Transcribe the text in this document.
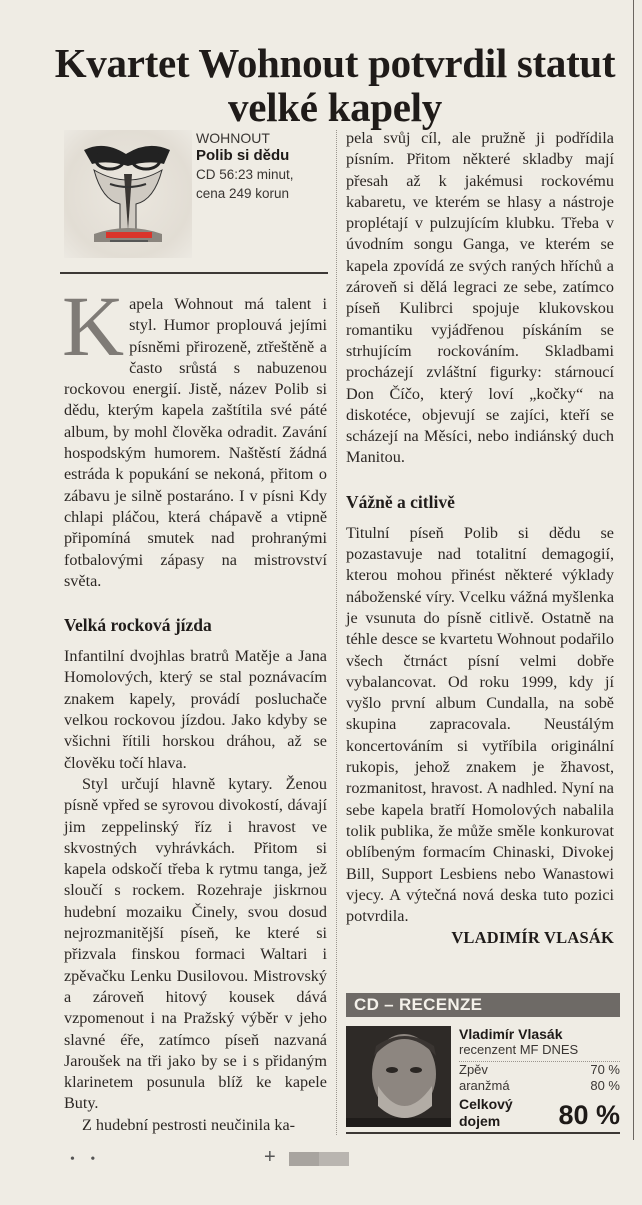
Kvartet Wohnout potvrdil statut velké kapely
WOHNOUT
Polib si dědu
CD 56:23 minut,
cena 249 korun

Kapela Wohnout má talent i styl. Humor proplouvá jejími písněmi přirozeně, ztřeštěně a často srůstá s nabuzenou rockovou energií. Jistě, název Polib si dědu, kterým kapela zaštítila své páté album, by mohl člověka odradit. Zavání hospodským humorem. Naštěstí žádná estráda k popukání se nekoná, přitom o zábavu je silně postaráno. I v písni Kdy chlapi pláčou, která chápavě a vtipně připomíná smutek nad prohranými fotbalovými zápasy na mistrovství světa.

Velká rocková jízda

Infantilní dvojhlas bratrů Matěje a Jana Homolových, který se stal poznávacím znakem kapely, provádí posluchače velkou rockovou jízdou. Jako kdyby se všichni řítili horskou dráhou, až se člověku točí hlava.

Styl určují hlavně kytary. Ženou písně vpřed se syrovou divokostí, dávají jim zeppelinský říz i hravost ve skvostných vyhrávkách. Přitom si kapela odskočí třeba k rytmu tanga, jež sloučí s rockem. Rozehraje jiskrnou hudební mozaiku Činely, svou dosud nejrozmanitější píseň, ke které si přizvala finskou formaci Waltari i zpěvačku Lenku Dusilovou. Mistrovský a zároveň hitový kousek dává vzpomenout i na Pražský výběr v jeho slavné éře, zatímco píseň nazvaná Jaroušek na tři jako by se i s přidaným klarinetem posunula blíž ke kapele Buty.

Z hudební pestrosti neučinila ka-

pela svůj cíl, ale pružně ji podřídila písním. Přitom některé skladby mají přesah až k jakémusi rockovému kabaretu, ve kterém se hlasy a nástroje proplétají v pulzujícím klubku. Třeba v úvodním songu Ganga, ve kterém se kapela zpovídá ze svých raných hříchů a zároveň si dělá legraci ze sebe, zatímco píseň Kulibrci spojuje klukovskou romantiku vyjádřenou pískáním se strhujícím rockováním. Skladbami procházejí zvláštní figurky: stárnoucí Don Číčo, který loví „kočky“ na diskotéce, objevují se zajíci, kteří se scházejí na Měsíci, nebo indiánský duch Manitou.

Vážně a citlivě

Titulní píseň Polib si dědu se pozastavuje nad totalitní demagogií, kterou mohou přinést některé výklady náboženské víry. Vcelku vážná myšlenka je vsunuta do písně citlivě. Ostatně na téhle desce se kvartetu Wohnout podařilo všech čtrnáct písní velmi dobře vybalancovat. Od roku 1999, kdy jí vyšlo první album Cundalla, na sobě skupina zapracovala. Neustálým koncertováním si vytříbila originální rukopis, jehož znakem je žhavost, rozmanitost, hravost. A nadhled. Nyní na sebe kapela bratří Homolových nabalila tolik publika, že může směle konkurovat oblíbeným formacím Chinaski, Divokej Bill, Support Lesbiens nebo Wanastowi vjecy. A výtečná nová deska tuto pozici potvrdila.

VLADIMÍR VLASÁK
CD – RECENZE
Vladimír Vlasák
recenzent MF DNES
Zpěv	70 %
aranžmá	80 %
Celkový dojem	80 %
• •	+
